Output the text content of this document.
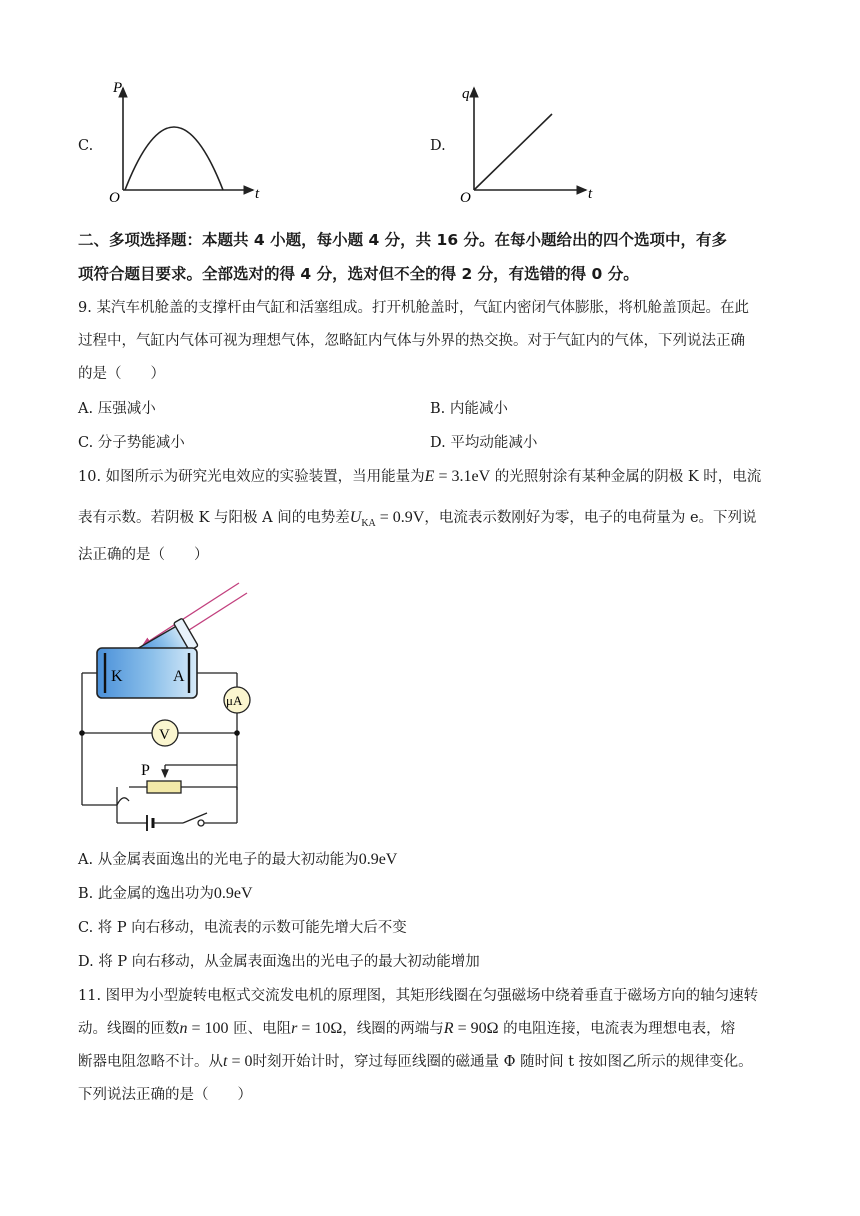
C.
P
t
O
D.
q
t
O
二、多项选择题：本题共 4 小题，每小题 4 分，共 16 分。在每小题给出的四个选项中，有多
项符合题目要求。全部选对的得 4 分，选对但不全的得 2 分，有选错的得 0 分。
9. 某汽车机舱盖的支撑杆由气缸和活塞组成。打开机舱盖时，气缸内密闭气体膨胀，将机舱盖顶起。在此
过程中，气缸内气体可视为理想气体，忽略缸内气体与外界的热交换。对于气缸内的气体，下列说法正确
的是（　　）
A. 压强减小	B. 内能减小
C. 分子势能减小	D. 平均动能减小
10. 如图所示为研究光电效应的实验装置，当用能量为E = 3.1eV 的光照射涂有某种金属的阴极 K 时，电流
表有示数。若阴极 K 与阳极 A 间的电势差$U_{KA} = 0.9V$，电流表示数刚好为零，电子的电荷量为 e。下列说
法正确的是（　　）
K	A
μA
V
P
A. 从金属表面逸出的光电子的最大初动能为0.9eV
B. 此金属的逸出功为0.9eV
C. 将 P 向右移动，电流表的示数可能先增大后不变
D. 将 P 向右移动，从金属表面逸出的光电子的最大初动能增加
11. 图甲为小型旋转电枢式交流发电机的原理图，其矩形线圈在匀强磁场中绕着垂直于磁场方向的轴匀速转
动。线圈的匝数n = 100 匝、电阻r = 10Ω，线圈的两端与R = 90Ω 的电阻连接，电流表为理想电表，熔
断器电阻忽略不计。从t = 0时刻开始计时，穿过每匝线圈的磁通量 Φ 随时间 t 按如图乙所示的规律变化。
下列说法正确的是（　　）
